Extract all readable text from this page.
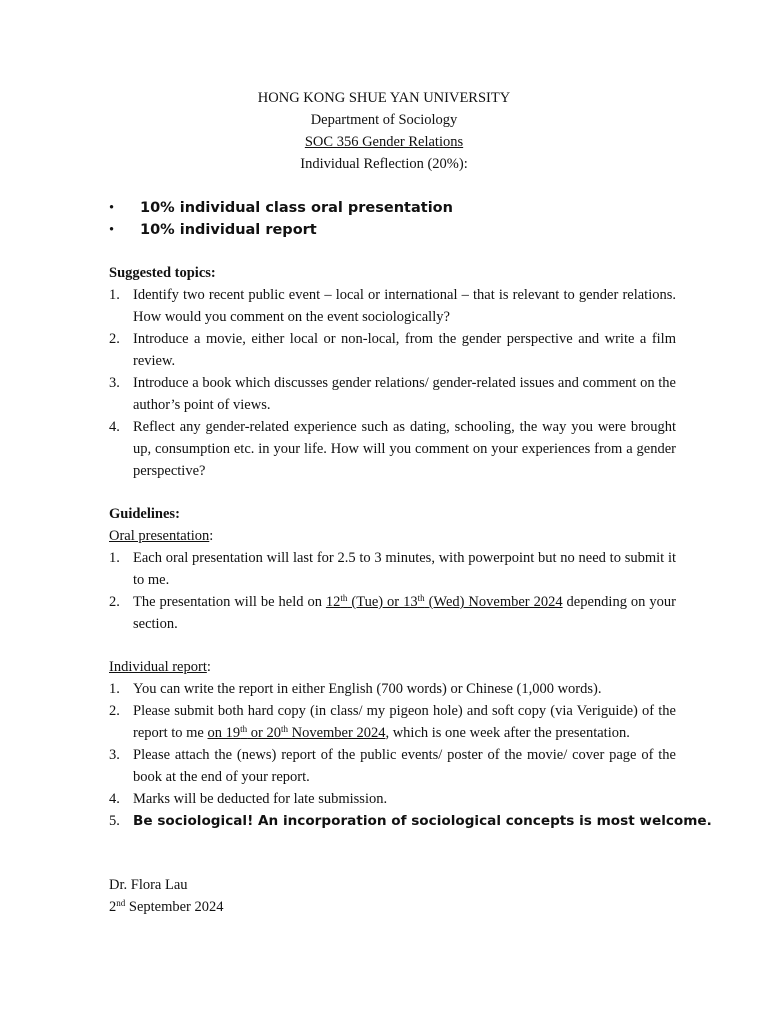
HONG KONG SHUE YAN UNIVERSITY
Department of Sociology
SOC 356 Gender Relations
Individual Reflection (20%):
• 10% individual class oral presentation
• 10% individual report
Suggested topics:
1. Identify two recent public event – local or international – that is relevant to gender relations. How would you comment on the event sociologically?
2. Introduce a movie, either local or non-local, from the gender perspective and write a film review.
3. Introduce a book which discusses gender relations/ gender-related issues and comment on the author’s point of views.
4. Reflect any gender-related experience such as dating, schooling, the way you were brought up, consumption etc. in your life. How will you comment on your experiences from a gender perspective?
Guidelines:
Oral presentation:
1. Each oral presentation will last for 2.5 to 3 minutes, with powerpoint but no need to submit it to me.
2. The presentation will be held on 12th (Tue) or 13th (Wed) November 2024 depending on your section.
Individual report:
1. You can write the report in either English (700 words) or Chinese (1,000 words).
2. Please submit both hard copy (in class/ my pigeon hole) and soft copy (via Veriguide) of the report to me on 19th or 20th November 2024, which is one week after the presentation.
3. Please attach the (news) report of the public events/ poster of the movie/ cover page of the book at the end of your report.
4. Marks will be deducted for late submission.
5. Be sociological! An incorporation of sociological concepts is most welcome.
Dr. Flora Lau
2nd September 2024
